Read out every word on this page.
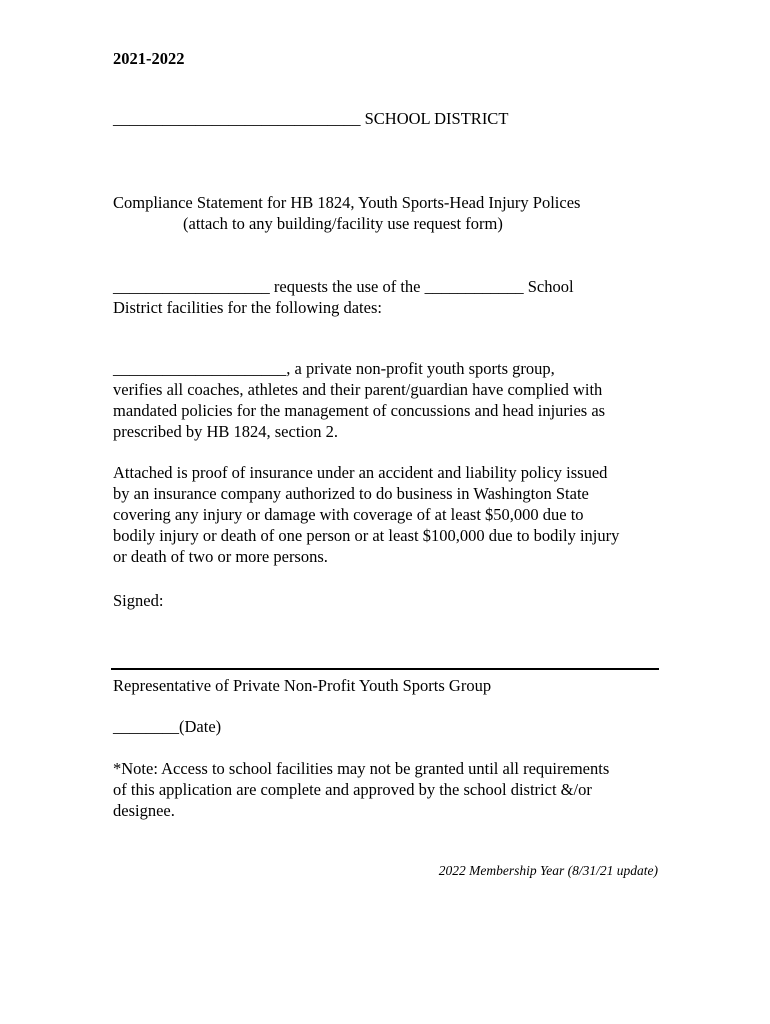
2021-2022
______________________________ SCHOOL DISTRICT
Compliance Statement for HB 1824, Youth Sports-Head Injury Polices
(attach to any building/facility use request form)
___________________ requests the use of the ____________ School
District facilities for the following dates:
_____________________, a private non-profit youth sports group,
verifies all coaches, athletes and their parent/guardian have complied with
mandated policies for the management of concussions and head injuries as
prescribed by HB 1824, section 2.
Attached is proof of insurance under an accident and liability policy issued
by an insurance company authorized to do business in Washington State
covering any injury or damage with coverage of at least $50,000 due to
bodily injury or death of one person or at least $100,000 due to bodily injury
or death of two or more persons.
Signed:
Representative of Private Non-Profit Youth Sports Group
________(Date)
*Note: Access to school facilities may not be granted until all requirements
of this application are complete and approved by the school district &/or
designee.
2022 Membership Year (8/31/21 update)
